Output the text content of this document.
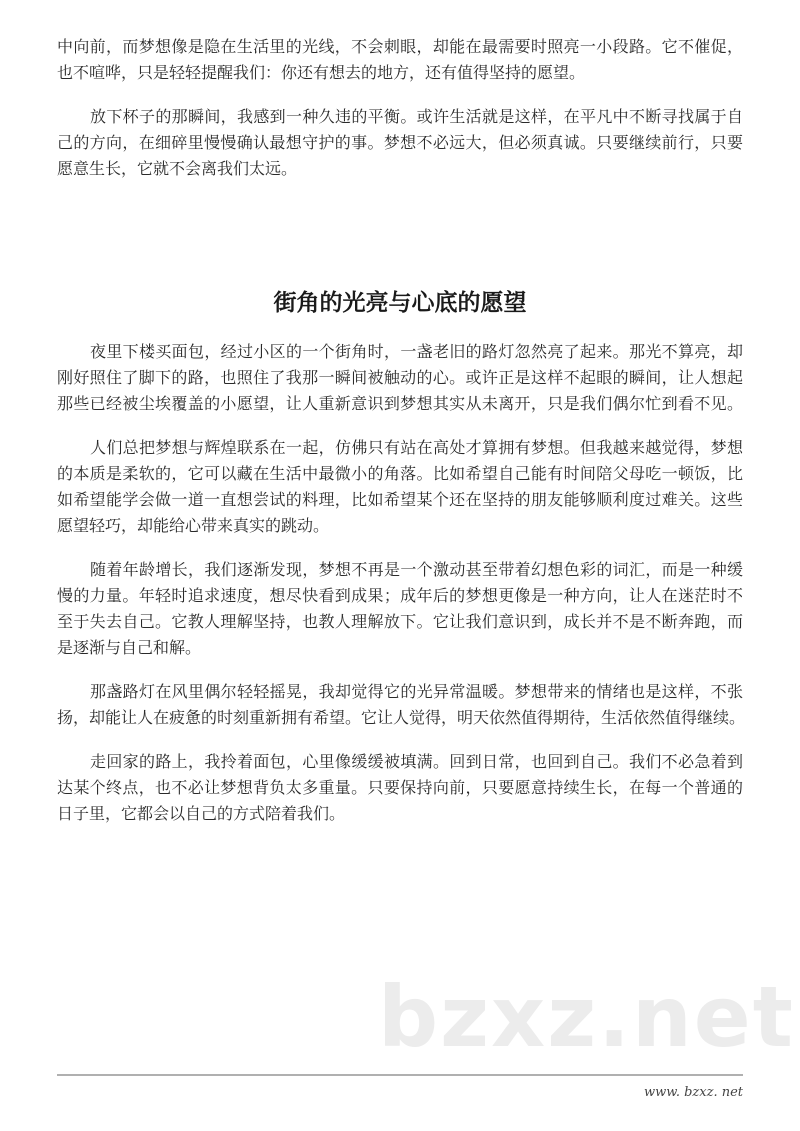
中向前，而梦想像是隐在生活里的光线，不会刺眼，却能在最需要时照亮一小段路。它不催促，
也不喧哗，只是轻轻提醒我们：你还有想去的地方，还有值得坚持的愿望。
放下杯子的那瞬间，我感到一种久违的平衡。或许生活就是这样，在平凡中不断寻找属于自
己的方向，在细碎里慢慢确认最想守护的事。梦想不必远大，但必须真诚。只要继续前行，只要
愿意生长，它就不会离我们太远。
街角的光亮与心底的愿望
夜里下楼买面包，经过小区的一个街角时，一盏老旧的路灯忽然亮了起来。那光不算亮，却
刚好照住了脚下的路，也照住了我那一瞬间被触动的心。或许正是这样不起眼的瞬间，让人想起
那些已经被尘埃覆盖的小愿望，让人重新意识到梦想其实从未离开，只是我们偶尔忙到看不见。
人们总把梦想与辉煌联系在一起，仿佛只有站在高处才算拥有梦想。但我越来越觉得，梦想
的本质是柔软的，它可以藏在生活中最微小的角落。比如希望自己能有时间陪父母吃一顿饭，比
如希望能学会做一道一直想尝试的料理，比如希望某个还在坚持的朋友能够顺利度过难关。这些
愿望轻巧，却能给心带来真实的跳动。
随着年龄增长，我们逐渐发现，梦想不再是一个激动甚至带着幻想色彩的词汇，而是一种缓
慢的力量。年轻时追求速度，想尽快看到成果；成年后的梦想更像是一种方向，让人在迷茫时不
至于失去自己。它教人理解坚持，也教人理解放下。它让我们意识到，成长并不是不断奔跑，而
是逐渐与自己和解。
那盏路灯在风里偶尔轻轻摇晃，我却觉得它的光异常温暖。梦想带来的情绪也是这样，不张
扬，却能让人在疲惫的时刻重新拥有希望。它让人觉得，明天依然值得期待，生活依然值得继续。
走回家的路上，我拎着面包，心里像缓缓被填满。回到日常，也回到自己。我们不必急着到
达某个终点，也不必让梦想背负太多重量。只要保持向前，只要愿意持续生长，在每一个普通的
日子里，它都会以自己的方式陪着我们。
bzxz.net
www. bzxz. net
